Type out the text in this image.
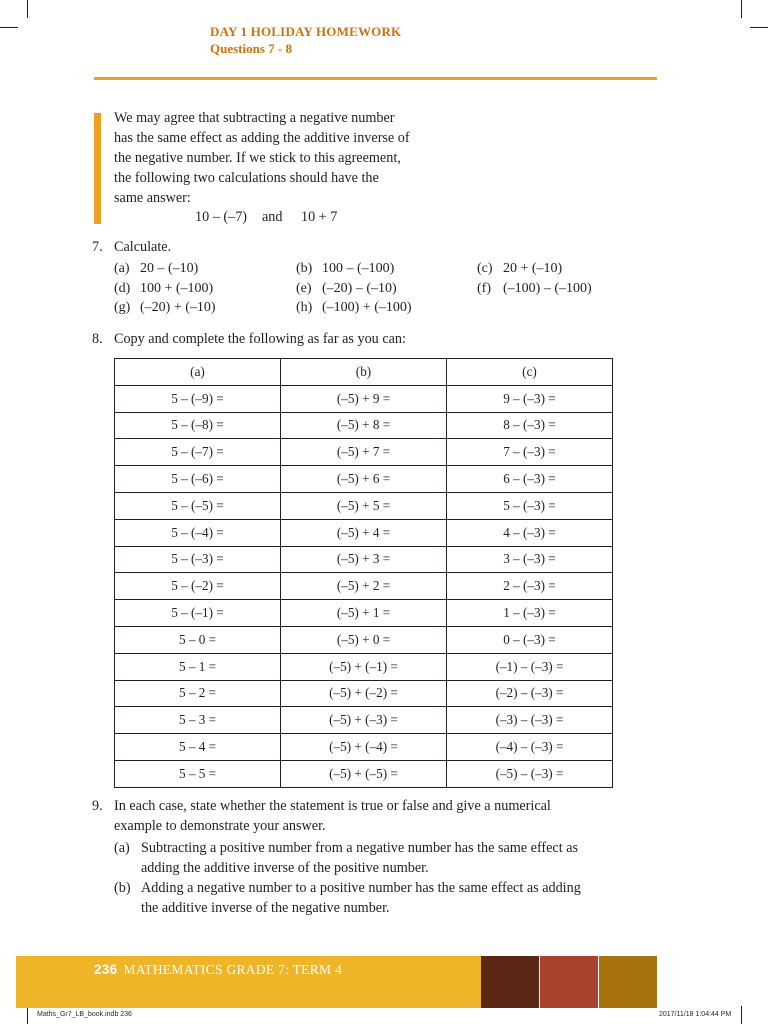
DAY 1 HOLIDAY HOMEWORK
Questions 7 - 8
We may agree that subtracting a negative number
has the same effect as adding the additive inverse of
the negative number. If we stick to this agreement,
the following two calculations should have the
same answer:
10 – (–7) and 10 + 7
7. Calculate.
(a) 20 – (–10)	(b) 100 – (–100)	(c) 20 + (–10)
(d) 100 + (–100)	(e) (–20) – (–10)	(f) (–100) – (–100)
(g) (–20) + (–10)	(h) (–100) + (–100)
8. Copy and complete the following as far as you can:
(a)	(b)	(c)
5 – (–9) =	(–5) + 9 =	9 – (–3) =
5 – (–8) =	(–5) + 8 =	8 – (–3) =
5 – (–7) =	(–5) + 7 =	7 – (–3) =
5 – (–6) =	(–5) + 6 =	6 – (–3) =
5 – (–5) =	(–5) + 5 =	5 – (–3) =
5 – (–4) =	(–5) + 4 =	4 – (–3) =
5 – (–3) =	(–5) + 3 =	3 – (–3) =
5 – (–2) =	(–5) + 2 =	2 – (–3) =
5 – (–1) =	(–5) + 1 =	1 – (–3) =
5 – 0 =	(–5) + 0 =	0 – (–3) =
5 – 1 =	(–5) + (–1) =	(–1) – (–3) =
5 – 2 =	(–5) + (–2) =	(–2) – (–3) =
5 – 3 =	(–5) + (–3) =	(–3) – (–3) =
5 – 4 =	(–5) + (–4) =	(–4) – (–3) =
5 – 5 =	(–5) + (–5) =	(–5) – (–3) =
9. In each case, state whether the statement is true or false and give a numerical
example to demonstrate your answer.
(a) Subtracting a positive number from a negative number has the same effect as
adding the additive inverse of the positive number.
(b) Adding a negative number to a positive number has the same effect as adding
the additive inverse of the negative number.
236 MATHEMATICS GRADE 7: TERM 4
Maths_Gr7_LB_book.indb 236	2017/11/18 1:04:44 PM
